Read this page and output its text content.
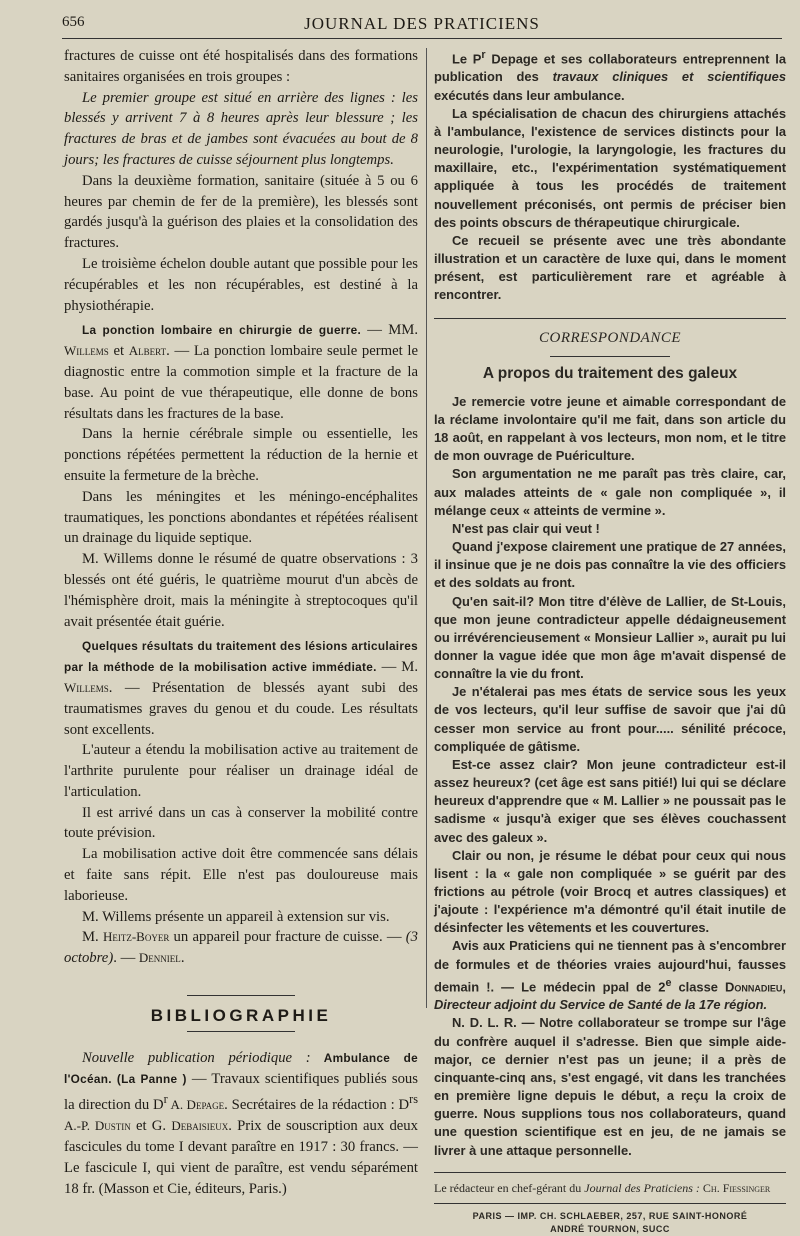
656	JOURNAL DES PRATICIENS

fractures de cuisse ont été hospitalisés dans des formations sanitaires organisées en trois groupes :

Le premier groupe est situé en arrière des lignes : les blessés y arrivent 7 à 8 heures après leur blessure ; les fractures de bras et de jambes sont évacuées au bout de 8 jours; les fractures de cuisse séjournent plus longtemps.

Dans la deuxième formation, sanitaire (située à 5 ou 6 heures par chemin de fer de la première), les blessés sont gardés jusqu'à la guérison des plaies et la consolidation des fractures.

Le troisième échelon double autant que possible pour les récupérables et les non récupérables, est destiné à la physiothérapie.

La ponction lombaire en chirurgie de guerre. — MM. Willems et Albert. — La ponction lombaire seule permet le diagnostic entre la commotion simple et la fracture de la base. Au point de vue thérapeutique, elle donne de bons résultats dans les fractures de la base.

Dans la hernie cérébrale simple ou essentielle, les ponctions répétées permettent la réduction de la hernie et ensuite la fermeture de la brèche.

Dans les méningites et les méningo-encéphalites traumatiques, les ponctions abondantes et répétées réalisent un drainage du liquide septique.

M. Willems donne le résumé de quatre observations : 3 blessés ont été guéris, le quatrième mourut d'un abcès de l'hémisphère droit, mais la méningite à streptocoques qu'il avait présentée était guérie.

Quelques résultats du traitement des lésions articulaires par la méthode de la mobilisation active immédiate. — M. Willems. — Présentation de blessés ayant subi des traumatismes graves du genou et du coude. Les résultats sont excellents.

L'auteur a étendu la mobilisation active au traitement de l'arthrite purulente pour réaliser un drainage idéal de l'articulation.

Il est arrivé dans un cas à conserver la mobilité contre toute prévision.

La mobilisation active doit être commencée sans délais et faite sans répit. Elle n'est pas douloureuse mais laborieuse.

M. Willems présente un appareil à extension sur vis.

M. Heitz-Boyer un appareil pour fracture de cuisse. — (3 octobre). — Denniel.

BIBLIOGRAPHIE

Nouvelle publication périodique : Ambulance de l'Océan. (La Panne ) — Travaux scientifiques publiés sous la direction du $D^r$ A. Depage. Secrétaires de la rédaction : $D^{rs}$ A.-P. Dustin et G. Debaisieux. Prix de souscription aux deux fascicules du tome I devant paraître en 1917 : 30 francs. — Le fascicule I, qui vient de paraître, est vendu séparément 18 fr. (Masson et Cie, éditeurs, Paris.)

Le $P^r$ Depage et ses collaborateurs entreprennent la publication des travaux cliniques et scientifiques exécutés dans leur ambulance.

La spécialisation de chacun des chirurgiens attachés à l'ambulance, l'existence de services distincts pour la neurologie, l'urologie, la laryngologie, les fractures du maxillaire, etc., l'expérimentation systématiquement appliquée à tous les procédés de traitement nouvellement préconisés, ont permis de préciser bien des points obscurs de thérapeutique chirurgicale.

Ce recueil se présente avec une très abondante illustration et un caractère de luxe qui, dans le moment présent, est particulièrement rare et agréable à rencontrer.

CORRESPONDANCE
A propos du traitement des galeux

Je remercie votre jeune et aimable correspondant de la réclame involontaire qu'il me fait, dans son article du 18 août, en rappelant à vos lecteurs, mon nom, et le titre de mon ouvrage de Puériculture.

Son argumentation ne me paraît pas très claire, car, aux malades atteints de « gale non compliquée », il mélange ceux « atteints de vermine ».

N'est pas clair qui veut !

Quand j'expose clairement une pratique de 27 années, il insinue que je ne dois pas connaître la vie des officiers et des soldats au front.

Qu'en sait-il? Mon titre d'élève de Lallier, de St-Louis, que mon jeune contradicteur appelle dédaigneusement ou irrévérencieusement « Monsieur Lallier », aurait pu lui donner la vague idée que mon âge m'avait dispensé de connaître la vie du front.

Je n'étalerai pas mes états de service sous les yeux de vos lecteurs, qu'il leur suffise de savoir que j'ai dû cesser mon service au front pour..... sénilité précoce, compliquée de gâtisme.

Est-ce assez clair? Mon jeune contradicteur est-il assez heureux? (cet âge est sans pitié!) lui qui se déclare heureux d'apprendre que « M. Lallier » ne poussait pas le sadisme « jusqu'à exiger que ses élèves couchassent avec des galeux ».

Clair ou non, je résume le débat pour ceux qui nous lisent : la « gale non compliquée » se guérit par des frictions au pétrole (voir Brocq et autres classiques) et j'ajoute : l'expérience m'a démontré qu'il était inutile de désinfecter les vêtements et les couvertures.

Avis aux Praticiens qui ne tiennent pas à s'encombrer de formules et de théories vraies aujourd'hui, fausses demain !. — Le médecin ppal de 2e classe Donnadieu, Directeur adjoint du Service de Santé de la 17e région.

N. D. L. R. — Notre collaborateur se trompe sur l'âge du confrère auquel il s'adresse. Bien que simple aide-major, ce dernier n'est pas un jeune; il a près de cinquante-cinq ans, s'est engagé, vit dans les tranchées en première ligne depuis le début, a reçu la croix de guerre. Nous supplions tous nos collaborateurs, quand une question scientifique est en jeu, de ne jamais se livrer à une attaque personnelle.

Le rédacteur en chef-gérant du Journal des Praticiens : Ch. Fiessinger

PARIS — IMP. CH. SCHLAEBER, 257, RUE SAINT-HONORÉ
ANDRÉ TOURNON, SUCC
